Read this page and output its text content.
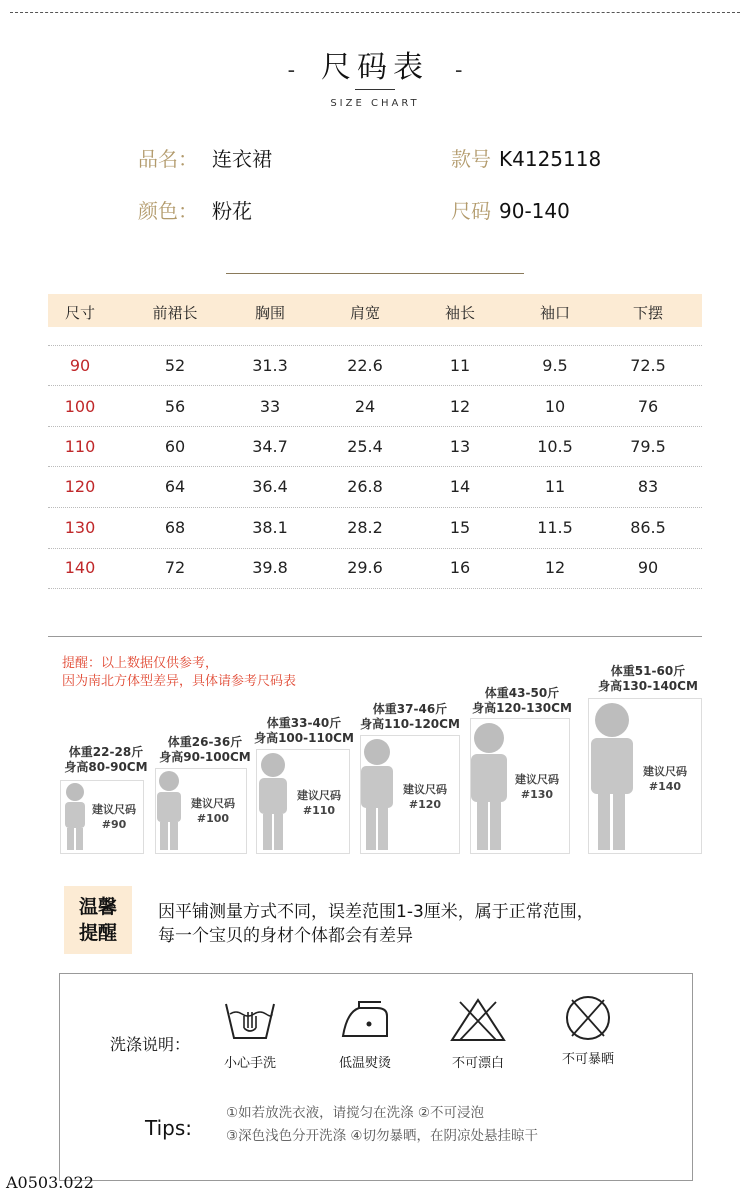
- 尺码表 -
SIZE CHART
品名： 连衣裙	款号 K4125118
颜色： 粉花	尺码 90-140
尺寸	前裙长	胸围	肩宽	袖长	袖口	下摆
90	52	31.3	22.6	11	9.5	72.5
100	56	33	24	12	10	76
110	60	34.7	25.4	13	10.5	79.5
120	64	36.4	26.8	14	11	83
130	68	38.1	28.2	15	11.5	86.5
140	72	39.8	29.6	16	12	90
提醒：以上数据仅供参考，
因为南北方体型差异，具体请参考尺码表
体重22-28斤
身高80-90CM
建议尺码
#90
体重26-36斤
身高90-100CM
建议尺码
#100
体重33-40斤
身高100-110CM
建议尺码
#110
体重37-46斤
身高110-120CM
建议尺码
#120
体重43-50斤
身高120-130CM
建议尺码
#130
体重51-60斤
身高130-140CM
建议尺码
#140
温馨
提醒
因平铺测量方式不同，误差范围1-3厘米，属于正常范围，
每一个宝贝的身材个体都会有差异
洗涤说明：
小心手洗	低温熨烫	不可漂白	不可暴晒
Tips:
①如若放洗衣液，请搅匀在洗涤 ②不可浸泡
③深色浅色分开洗涤 ④切勿暴晒，在阴凉处悬挂晾干
A0503.022
